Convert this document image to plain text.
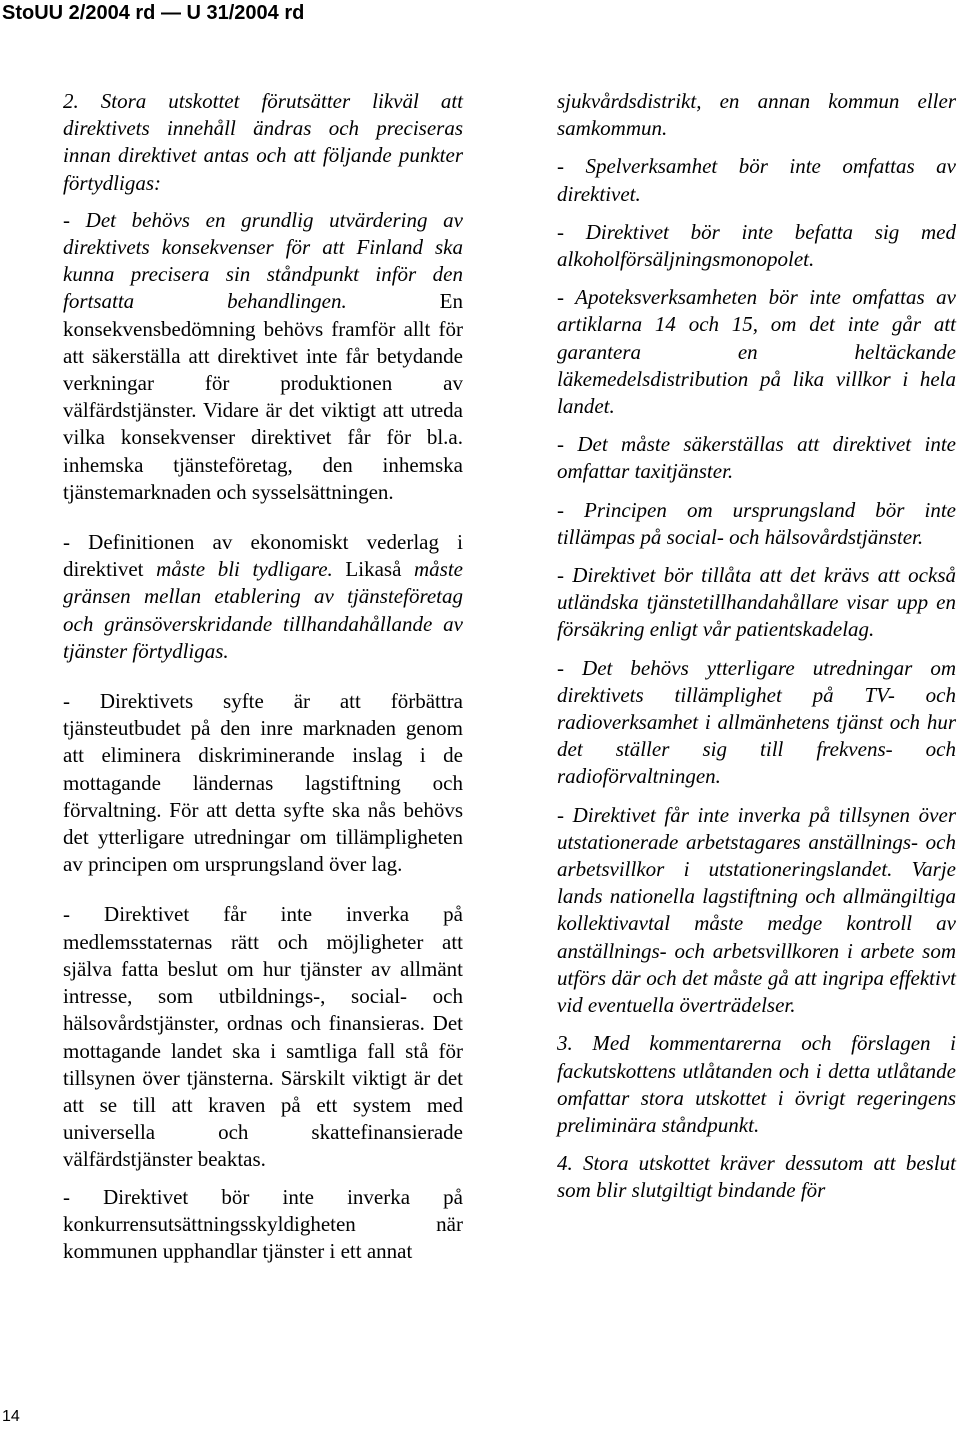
StoUU 2/2004 rd — U 31/2004 rd

2. Stora utskottet förutsätter likväl att direktivets innehåll ändras och preciseras innan direktivet antas och att följande punkter förtydligas:

- Det behövs en grundlig utvärdering av direktivets konsekvenser för att Finland ska kunna precisera sin ståndpunkt inför den fortsatta behandlingen. En konsekvensbedömning behövs framför allt för att säkerställa att direktivet inte får betydande verkningar för produktionen av välfärdstjänster. Vidare är det viktigt att utreda vilka konsekvenser direktivet får för bl.a. inhemska tjänsteföretag, den inhemska tjänstemarknaden och sysselsättningen.

- Definitionen av ekonomiskt vederlag i direktivet måste bli tydligare. Likaså måste gränsen mellan etablering av tjänsteföretag och gränsöverskridande tillhandahållande av tjänster förtydligas.

- Direktivets syfte är att förbättra tjänsteutbudet på den inre marknaden genom att eliminera diskriminerande inslag i de mottagande ländernas lagstiftning och förvaltning. För att detta syfte ska nås behövs det ytterligare utredningar om tillämpligheten av principen om ursprungsland över lag.

- Direktivet får inte inverka på medlemsstaternas rätt och möjligheter att själva fatta beslut om hur tjänster av allmänt intresse, som utbildnings-, social- och hälsovårdstjänster, ordnas och finansieras. Det mottagande landet ska i samtliga fall stå för tillsynen över tjänsterna. Särskilt viktigt är det att se till att kraven på ett system med universella och skattefinansierade välfärdstjänster beaktas.

- Direktivet bör inte inverka på konkurrensutsättningsskyldigheten när kommunen upphandlar tjänster i ett annat

sjukvårdsdistrikt, en annan kommun eller samkommun.

- Spelverksamhet bör inte omfattas av direktivet.

- Direktivet bör inte befatta sig med alkoholförsäljningsmonopolet.

- Apoteksverksamheten bör inte omfattas av artiklarna 14 och 15, om det inte går att garantera en heltäckande läkemedelsdistribution på lika villkor i hela landet.

- Det måste säkerställas att direktivet inte omfattar taxitjänster.

- Principen om ursprungsland bör inte tillämpas på social- och hälsovårdstjänster.

- Direktivet bör tillåta att det krävs att också utländska tjänstetillhandahållare visar upp en försäkring enligt vår patientskadelag.

- Det behövs ytterligare utredningar om direktivets tillämplighet på TV- och radioverksamhet i allmänhetens tjänst och hur det ställer sig till frekvens- och radioförvaltningen.

- Direktivet får inte inverka på tillsynen över utstationerade arbetstagares anställnings- och arbetsvillkor i utstationeringslandet. Varje lands nationella lagstiftning och allmängiltiga kollektivavtal måste medge kontroll av anställnings- och arbetsvillkoren i arbete som utförs där och det måste gå att ingripa effektivt vid eventuella överträdelser.

3. Med kommentarerna och förslagen i fackutskottens utlåtanden och i detta utlåtande omfattar stora utskottet i övrigt regeringens preliminära ståndpunkt.

4. Stora utskottet kräver dessutom att beslut som blir slutgiltigt bindande för

14
